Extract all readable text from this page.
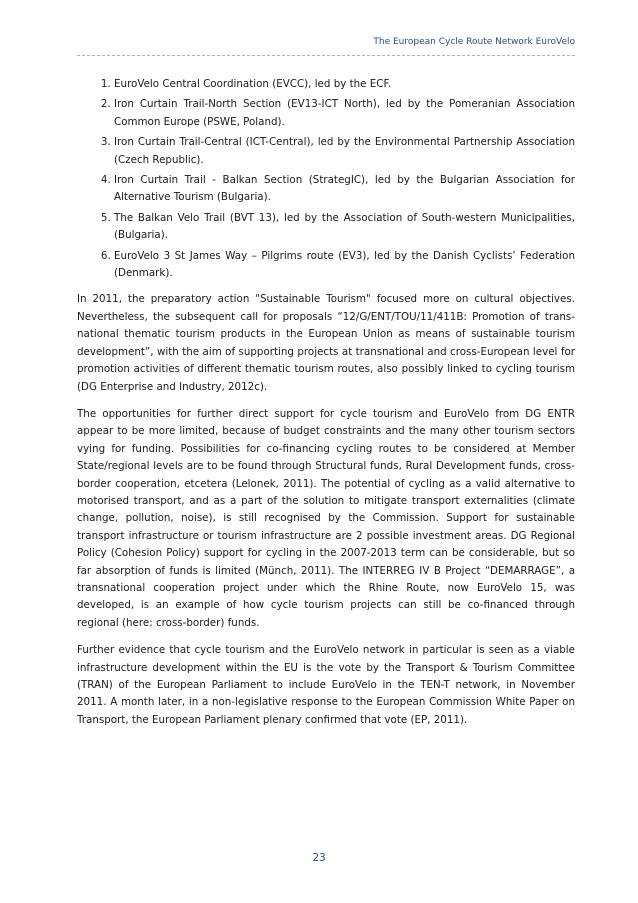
The European Cycle Route Network EuroVelo
1. EuroVelo Central Coordination (EVCC), led by the ECF.
2. Iron Curtain Trail-North Section (EV13-ICT North), led by the Pomeranian Association Common Europe (PSWE, Poland).
3. Iron Curtain Trail-Central (ICT-Central), led by the Environmental Partnership Association (Czech Republic).
4. Iron Curtain Trail - Balkan Section (StrategIC), led by the Bulgarian Association for Alternative Tourism (Bulgaria).
5. The Balkan Velo Trail (BVT 13), led by the Association of South-western Municipalities, (Bulgaria).
6. EuroVelo 3 St James Way – Pilgrims route (EV3), led by the Danish Cyclists’ Federation (Denmark).

In 2011, the preparatory action "Sustainable Tourism" focused more on cultural objectives. Nevertheless, the subsequent call for proposals “12/G/ENT/TOU/11/411B: Promotion of trans-national thematic tourism products in the European Union as means of sustainable tourism development”, with the aim of supporting projects at transnational and cross-European level for promotion activities of different thematic tourism routes, also possibly linked to cycling tourism (DG Enterprise and Industry, 2012c).

The opportunities for further direct support for cycle tourism and EuroVelo from DG ENTR appear to be more limited, because of budget constraints and the many other tourism sectors vying for funding. Possibilities for co-financing cycling routes to be considered at Member State/regional levels are to be found through Structural funds, Rural Development funds, cross-border cooperation, etcetera (Lelonek, 2011). The potential of cycling as a valid alternative to motorised transport, and as a part of the solution to mitigate transport externalities (climate change, pollution, noise), is still recognised by the Commission. Support for sustainable transport infrastructure or tourism infrastructure are 2 possible investment areas. DG Regional Policy (Cohesion Policy) support for cycling in the 2007-2013 term can be considerable, but so far absorption of funds is limited (Münch, 2011). The INTERREG IV B Project “DEMARRAGE”, a transnational cooperation project under which the Rhine Route, now EuroVelo 15, was developed, is an example of how cycle tourism projects can still be co-financed through regional (here: cross-border) funds.

Further evidence that cycle tourism and the EuroVelo network in particular is seen as a viable infrastructure development within the EU is the vote by the Transport & Tourism Committee (TRAN) of the European Parliament to include EuroVelo in the TEN-T network, in November 2011. A month later, in a non-legislative response to the European Commission White Paper on Transport, the European Parliament plenary confirmed that vote (EP, 2011).

23
